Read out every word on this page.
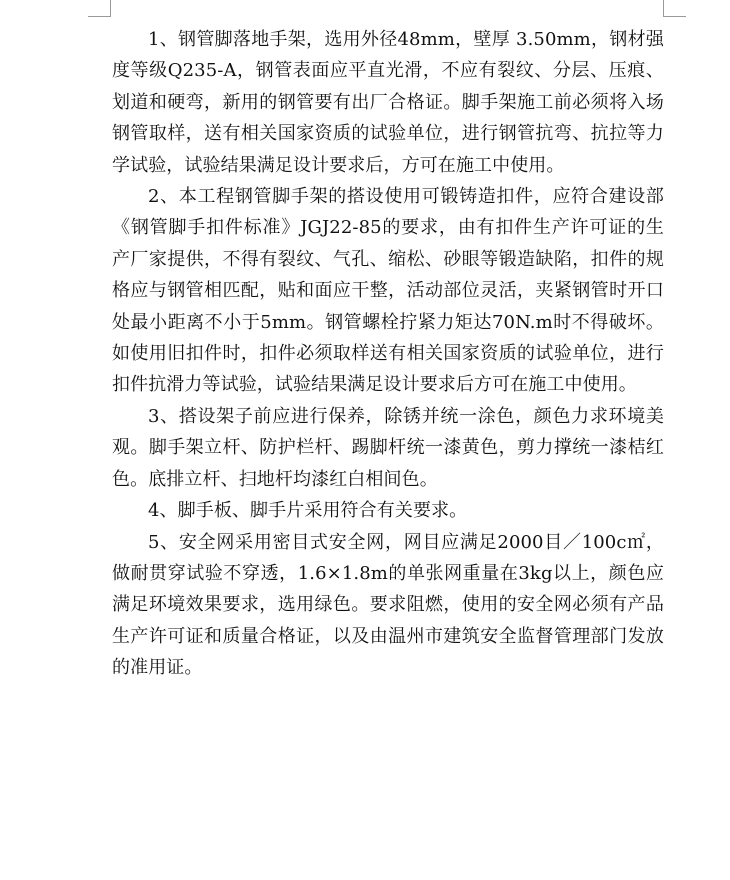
1、钢管脚落地手架，选用外径48mm，壁厚 3.50mm，钢材强度等级Q235-A，钢管表面应平直光滑，不应有裂纹、分层、压痕、划道和硬弯，新用的钢管要有出厂合格证。脚手架施工前必须将入场钢管取样，送有相关国家资质的试验单位，进行钢管抗弯、抗拉等力学试验，试验结果满足设计要求后，方可在施工中使用。

2、本工程钢管脚手架的搭设使用可锻铸造扣件，应符合建设部《钢管脚手扣件标准》JGJ22-85的要求，由有扣件生产许可证的生产厂家提供，不得有裂纹、气孔、缩松、砂眼等锻造缺陷，扣件的规格应与钢管相匹配，贴和面应干整，活动部位灵活，夹紧钢管时开口处最小距离不小于5mm。钢管螺栓拧紧力矩达70N.m时不得破坏。如使用旧扣件时，扣件必须取样送有相关国家资质的试验单位，进行扣件抗滑力等试验，试验结果满足设计要求后方可在施工中使用。

3、搭设架子前应进行保养，除锈并统一涂色，颜色力求环境美观。脚手架立杆、防护栏杆、踢脚杆统一漆黄色，剪力撑统一漆桔红色。底排立杆、扫地杆均漆红白相间色。

4、脚手板、脚手片采用符合有关要求。

5、安全网采用密目式安全网，网目应满足2000目／100c㎡，做耐贯穿试验不穿透，1.6×1.8m的单张网重量在3kg以上，颜色应满足环境效果要求，选用绿色。要求阻燃，使用的安全网必须有产品生产许可证和质量合格证，以及由温州市建筑安全监督管理部门发放的准用证。
